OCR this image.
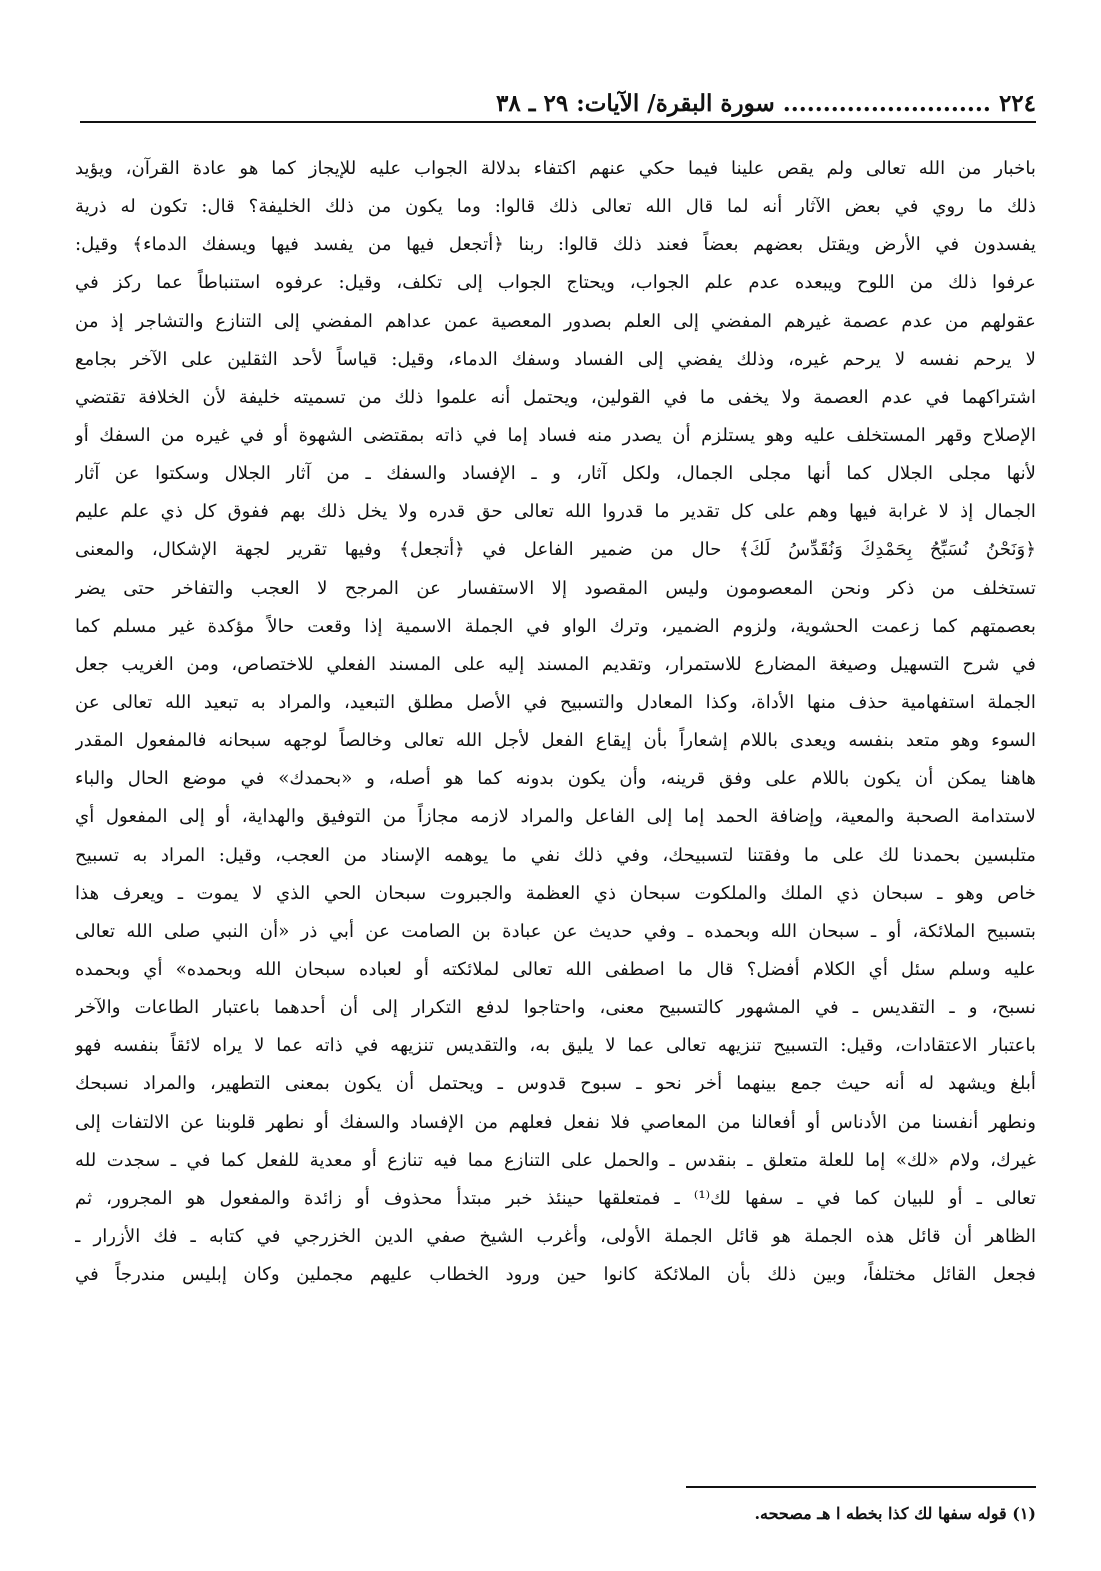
٢٢٤
..........................
سورة البقرة/ الآيات: ٢٩ ـ ٣٨
باخبار من الله تعالى ولم يقص علينا فيما حكي عنهم اكتفاء بدلالة الجواب عليه للإيجاز كما هو عادة القرآن، ويؤيد
ذلك ما روي في بعض الآثار أنه لما قال الله تعالى ذلك قالوا: وما يكون من ذلك الخليفة؟ قال: تكون له ذرية
يفسدون في الأرض ويقتل بعضهم بعضاً فعند ذلك قالوا: ربنا ﴿أتجعل فيها من يفسد فيها ويسفك الدماء﴾ وقيل:
عرفوا ذلك من اللوح ويبعده عدم علم الجواب، ويحتاج الجواب إلى تكلف، وقيل: عرفوه استنباطاً عما ركز في
عقولهم من عدم عصمة غيرهم المفضي إلى العلم بصدور المعصية عمن عداهم المفضي إلى التنازع والتشاجر إذ من
لا يرحم نفسه لا يرحم غيره، وذلك يفضي إلى الفساد وسفك الدماء، وقيل: قياساً لأحد الثقلين على الآخر بجامع
اشتراكهما في عدم العصمة ولا يخفى ما في القولين، ويحتمل أنه علموا ذلك من تسميته خليفة لأن الخلافة تقتضي
الإصلاح وقهر المستخلف عليه وهو يستلزم أن يصدر منه فساد إما في ذاته بمقتضى الشهوة أو في غيره من السفك أو
لأنها مجلى الجلال كما أنها مجلى الجمال، ولكل آثار، و ـ الإفساد والسفك ـ من آثار الجلال وسكتوا عن آثار
الجمال إذ لا غرابة فيها وهم على كل تقدير ما قدروا الله تعالى حق قدره ولا يخل ذلك بهم ففوق كل ذي علم عليم
﴿وَنَحْنُ نُسَبِّحُ بِحَمْدِكَ وَنُقَدِّسُ لَكَ﴾ حال من ضمير الفاعل في ﴿أتجعل﴾ وفيها تقرير لجهة الإشكال، والمعنى
تستخلف من ذكر ونحن المعصومون وليس المقصود إلا الاستفسار عن المرجح لا العجب والتفاخر حتى يضر
بعصمتهم كما زعمت الحشوية، ولزوم الضمير، وترك الواو في الجملة الاسمية إذا وقعت حالاً مؤكدة غير مسلم كما
في شرح التسهيل وصيغة المضارع للاستمرار، وتقديم المسند إليه على المسند الفعلي للاختصاص، ومن الغريب جعل
الجملة استفهامية حذف منها الأداة، وكذا المعادل والتسبيح في الأصل مطلق التبعيد، والمراد به تبعيد الله تعالى عن
السوء وهو متعد بنفسه ويعدى باللام إشعاراً بأن إيقاع الفعل لأجل الله تعالى وخالصاً لوجهه سبحانه فالمفعول المقدر
هاهنا يمكن أن يكون باللام على وفق قرينه، وأن يكون بدونه كما هو أصله، و «بحمدك» في موضع الحال والباء
لاستدامة الصحبة والمعية، وإضافة الحمد إما إلى الفاعل والمراد لازمه مجازاً من التوفيق والهداية، أو إلى المفعول أي
متلبسين بحمدنا لك على ما وفقتنا لتسبيحك، وفي ذلك نفي ما يوهمه الإسناد من العجب، وقيل: المراد به تسبيح
خاص وهو ـ سبحان ذي الملك والملكوت سبحان ذي العظمة والجبروت سبحان الحي الذي لا يموت ـ ويعرف هذا
بتسبيح الملائكة، أو ـ سبحان الله وبحمده ـ وفي حديث عن عبادة بن الصامت عن أبي ذر «أن النبي صلى الله تعالى
عليه وسلم سئل أي الكلام أفضل؟ قال ما اصطفى الله تعالى لملائكته أو لعباده سبحان الله وبحمده» أي وبحمده
نسبح، و ـ التقديس ـ في المشهور كالتسبيح معنى، واحتاجوا لدفع التكرار إلى أن أحدهما باعتبار الطاعات والآخر
باعتبار الاعتقادات، وقيل: التسبيح تنزيهه تعالى عما لا يليق به، والتقديس تنزيهه في ذاته عما لا يراه لائقاً بنفسه فهو
أبلغ ويشهد له أنه حيث جمع بينهما أخر نحو ـ سبوح قدوس ـ ويحتمل أن يكون بمعنى التطهير، والمراد نسبحك
ونطهر أنفسنا من الأدناس أو أفعالنا من المعاصي فلا نفعل فعلهم من الإفساد والسفك أو نطهر قلوبنا عن الالتفات إلى
غيرك، ولام «لك» إما للعلة متعلق ـ بنقدس ـ والحمل على التنازع مما فيه تنازع أو معدية للفعل كما في ـ سجدت لله
تعالى ـ أو للبيان كما في ـ سفها لك⁽¹⁾ ـ فمتعلقها حينئذ خبر مبتدأ محذوف أو زائدة والمفعول هو المجرور، ثم
الظاهر أن قائل هذه الجملة هو قائل الجملة الأولى، وأغرب الشيخ صفي الدين الخزرجي في كتابه ـ فك الأزرار ـ
فجعل القائل مختلفاً، وبين ذلك بأن الملائكة كانوا حين ورود الخطاب عليهم مجملين وكان إبليس مندرجاً في
(١) قوله سفها لك كذا بخطه ا هـ مصححه.
